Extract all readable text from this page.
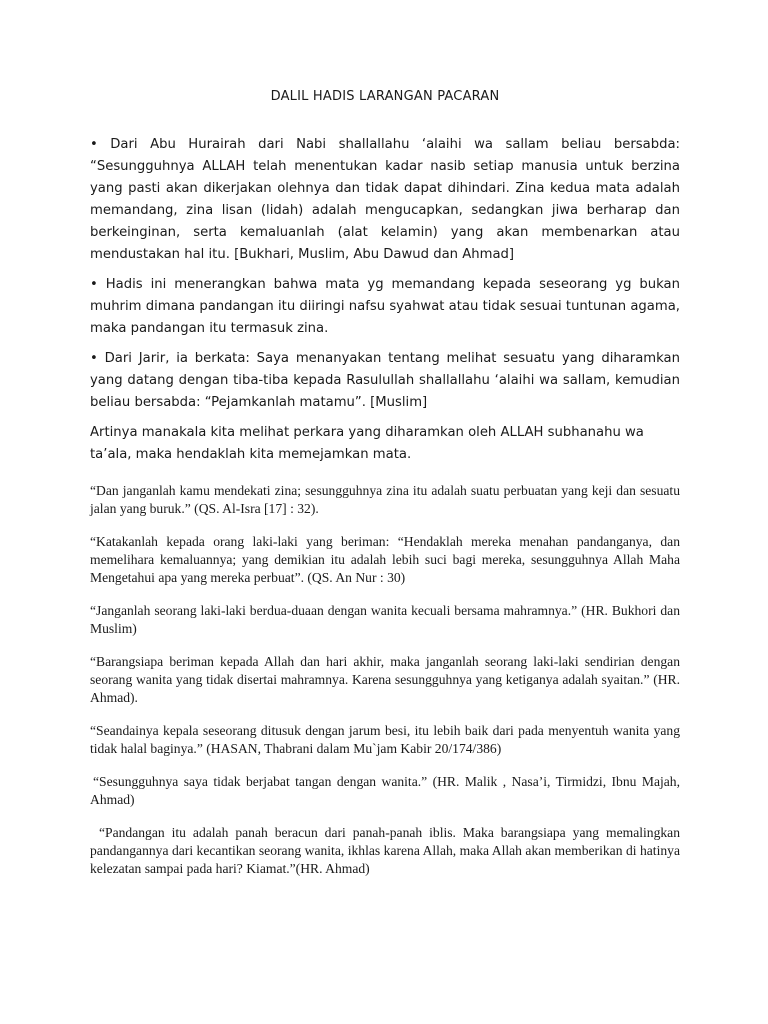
DALIL HADIS LARANGAN PACARAN

• Dari Abu Hurairah dari Nabi shallallahu ‘alaihi wa sallam beliau bersabda: “Sesungguhnya ALLAH telah menentukan kadar nasib setiap manusia untuk berzina yang pasti akan dikerjakan olehnya dan tidak dapat dihindari. Zina kedua mata adalah memandang, zina lisan (lidah) adalah mengucapkan, sedangkan jiwa berharap dan berkeinginan, serta kemaluanlah (alat kelamin) yang akan membenarkan atau mendustakan hal itu. [Bukhari, Muslim, Abu Dawud dan Ahmad]

• Hadis ini menerangkan bahwa mata yg memandang kepada seseorang yg bukan muhrim dimana pandangan itu diiringi nafsu syahwat atau tidak sesuai tuntunan agama, maka pandangan itu termasuk zina.

• Dari Jarir, ia berkata: Saya menanyakan tentang melihat sesuatu yang diharamkan yang datang dengan tiba-tiba kepada Rasulullah shallallahu ‘alaihi wa sallam, kemudian beliau bersabda: “Pejamkanlah matamu”. [Muslim]

Artinya manakala kita melihat perkara yang diharamkan oleh ALLAH subhanahu wa ta’ala, maka hendaklah kita memejamkan mata.

“Dan janganlah kamu mendekati zina; sesungguhnya zina itu adalah suatu perbuatan yang keji dan sesuatu jalan yang buruk.” (QS. Al-Isra [17] : 32).

“Katakanlah kepada orang laki-laki yang beriman: “Hendaklah mereka menahan pandanganya, dan memelihara kemaluannya; yang demikian itu adalah lebih suci bagi mereka, sesungguhnya Allah Maha Mengetahui apa yang mereka perbuat”. (QS. An Nur : 30)

“Janganlah seorang laki-laki berdua-duaan dengan wanita kecuali bersama mahramnya.” (HR. Bukhori dan Muslim)

“Barangsiapa beriman kepada Allah dan hari akhir, maka janganlah seorang laki-laki sendirian dengan seorang wanita yang tidak disertai mahramnya. Karena sesungguhnya yang ketiganya adalah syaitan.” (HR. Ahmad).

“Seandainya kepala seseorang ditusuk dengan jarum besi, itu lebih baik dari pada menyentuh wanita yang tidak halal baginya.” (HASAN, Thabrani dalam Mu`jam Kabir 20/174/386)

“Sesungguhnya saya tidak berjabat tangan dengan wanita.” (HR. Malik , Nasa’i, Tirmidzi, Ibnu Majah, Ahmad)

“Pandangan itu adalah panah beracun dari panah-panah iblis. Maka barangsiapa yang memalingkan pandangannya dari kecantikan seorang wanita, ikhlas karena Allah, maka Allah akan memberikan di hatinya kelezatan sampai pada hari? Kiamat.”(HR. Ahmad)
